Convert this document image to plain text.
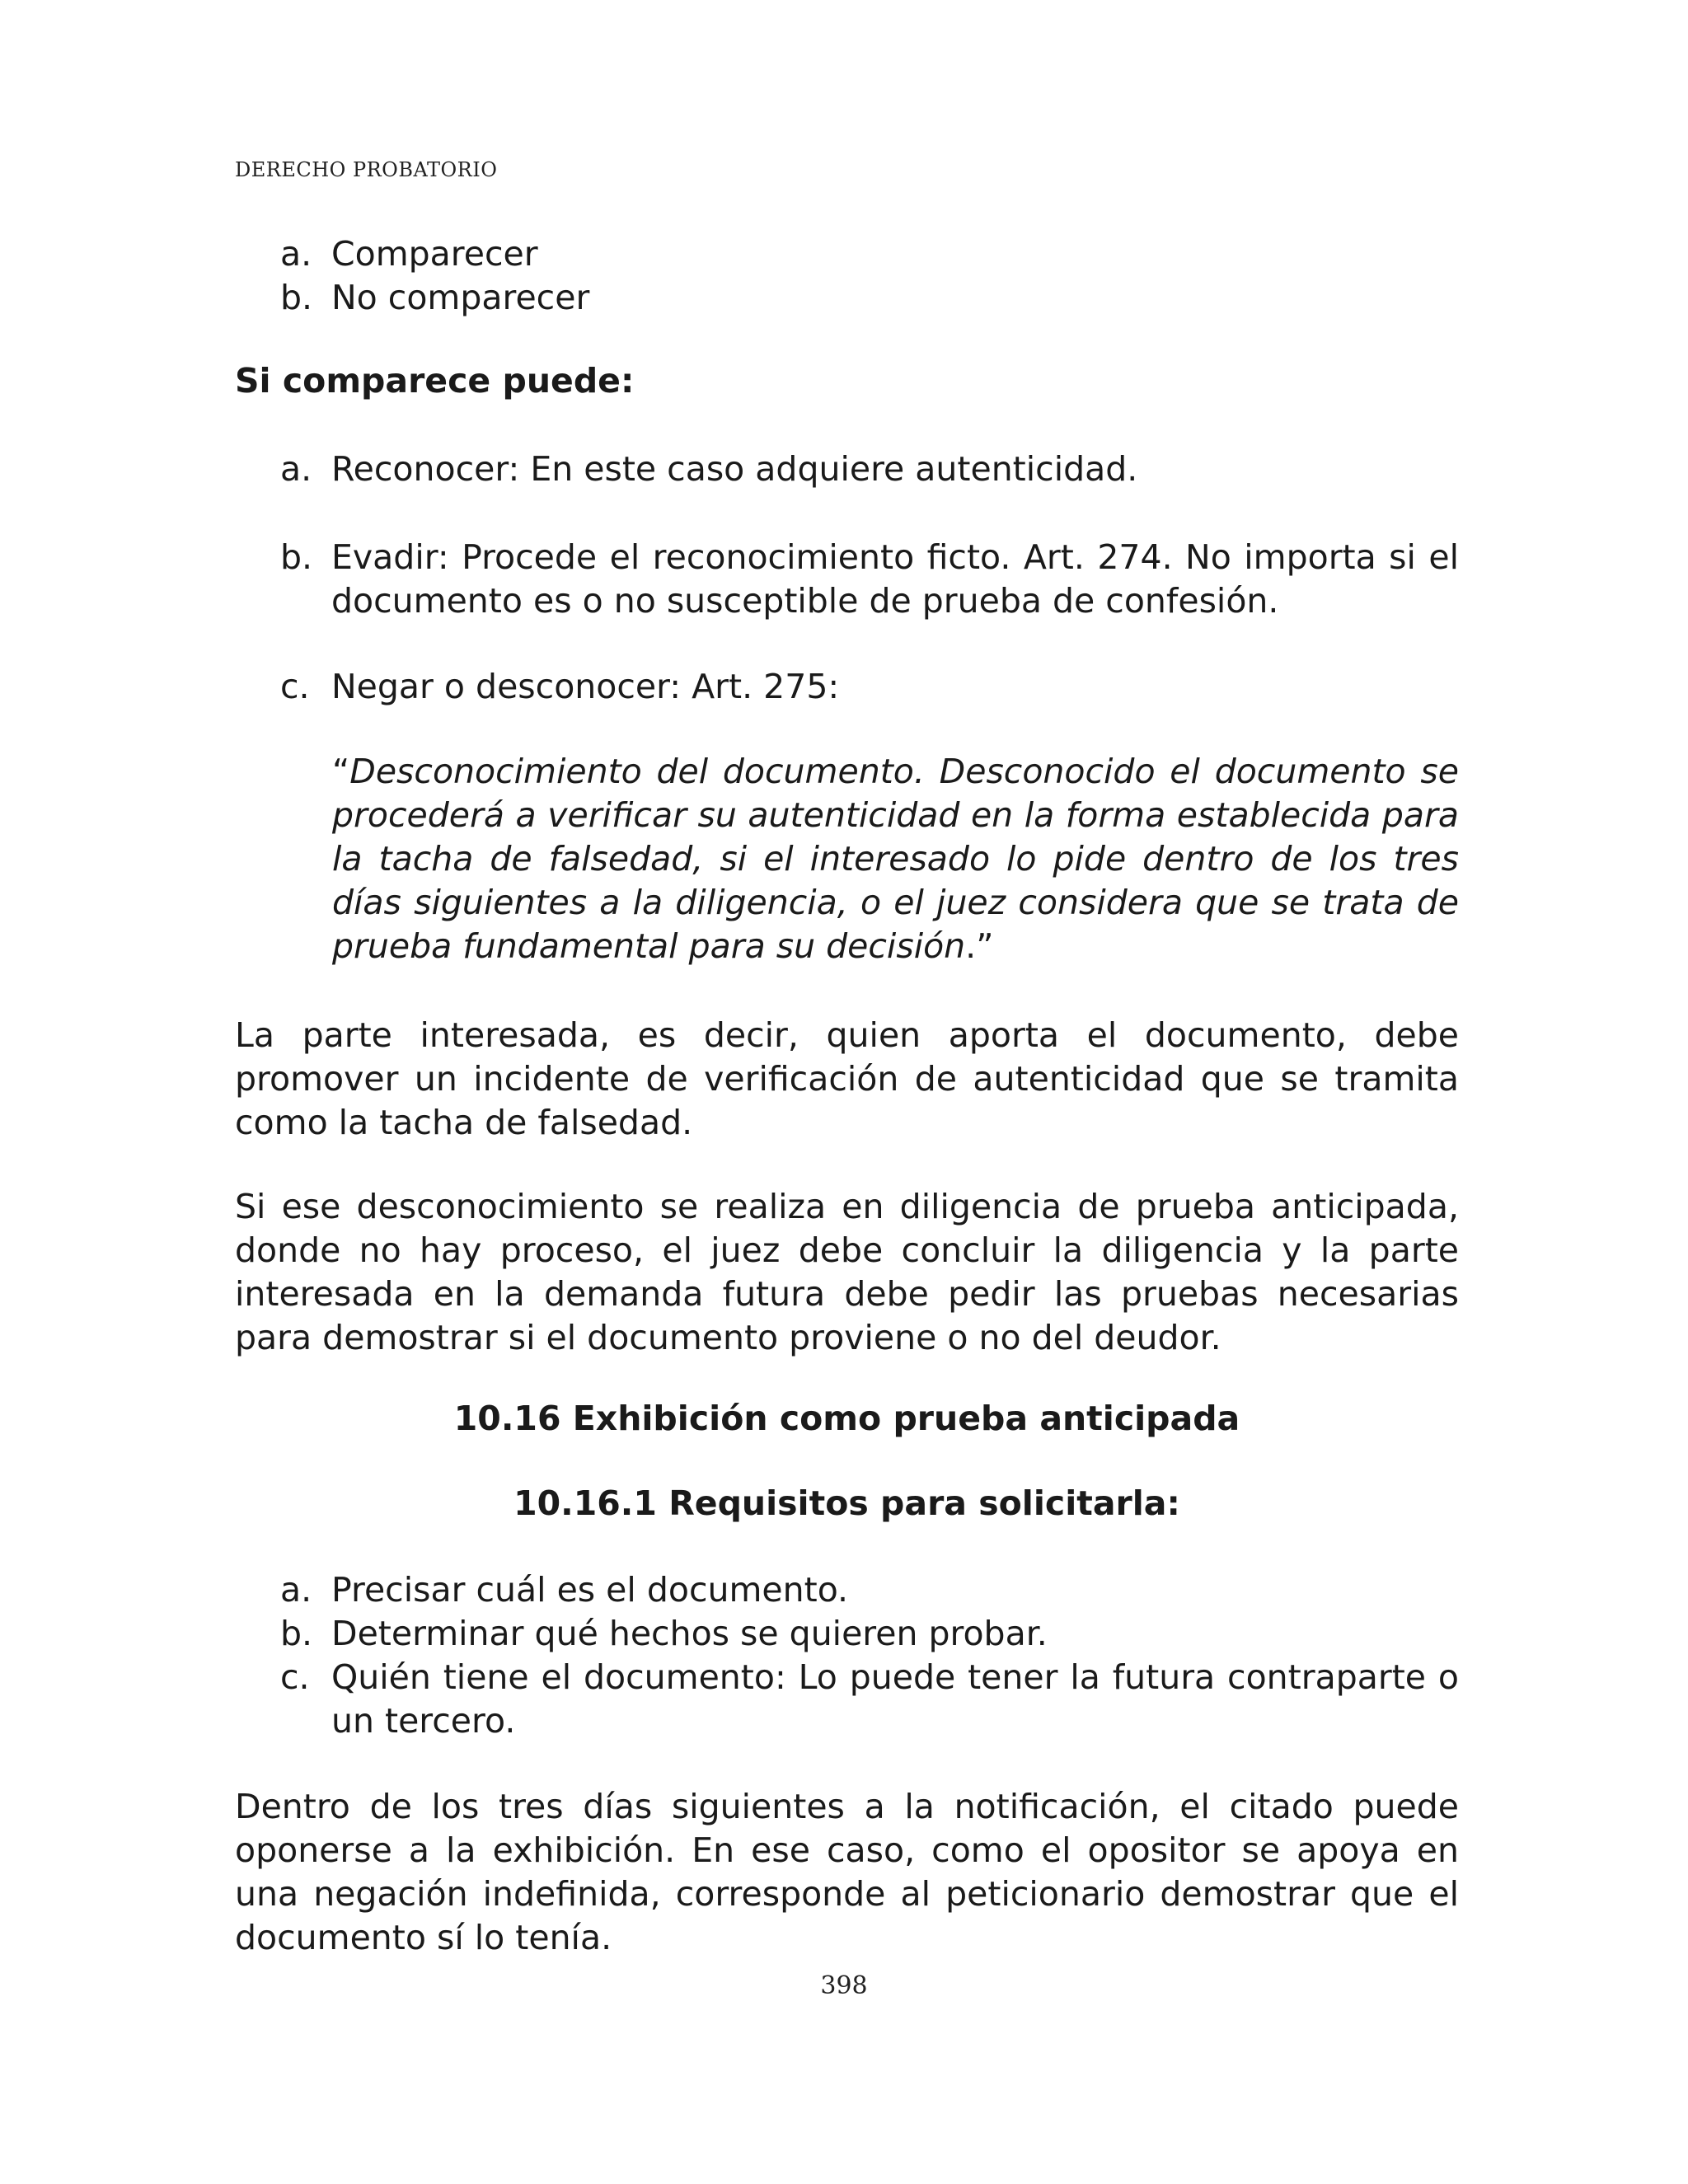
DERECHO PROBATORIO
a. Comparecer
b. No comparecer
Si comparece puede:
a. Reconocer: En este caso adquiere autenticidad.
b. Evadir: Procede el reconocimiento ficto. Art. 274. No importa si el documento es o no susceptible de prueba de confesión.
c. Negar o desconocer: Art. 275:
“Desconocimiento del documento. Desconocido el documento se procederá a verificar su autenticidad en la forma establecida para la tacha de falsedad, si el interesado lo pide dentro de los tres días siguientes a la diligencia, o el juez considera que se trata de prueba fundamental para su decisión.”
La parte interesada, es decir, quien aporta el documento, debe promover un incidente de verificación de autenticidad que se tramita como la tacha de falsedad.
Si ese desconocimiento se realiza en diligencia de prueba anticipada, donde no hay proceso, el juez debe concluir la diligencia y la parte interesada en la demanda futura debe pedir las pruebas necesarias para demostrar si el documento proviene o no del deudor.
10.16 Exhibición como prueba anticipada
10.16.1 Requisitos para solicitarla:
a. Precisar cuál es el documento.
b. Determinar qué hechos se quieren probar.
c. Quién tiene el documento: Lo puede tener la futura contraparte o un tercero.
Dentro de los tres días siguientes a la notificación, el citado puede oponerse a la exhibición. En ese caso, como el opositor se apoya en una negación indefinida, corresponde al peticionario demostrar que el documento sí lo tenía.
398
